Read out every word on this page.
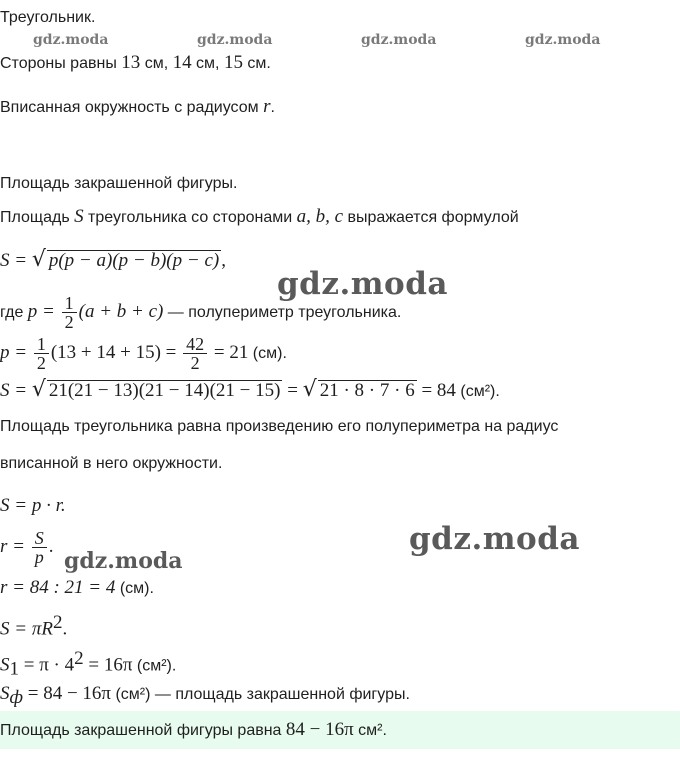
gdz.moda	gdz.moda	gdz.moda	gdz.moda
Треугольник.
Стороны равны 13 см, 14 см, 15 см.
Вписанная окружность с радиусом r.
Площадь закрашенной фигуры.
Площадь S треугольника со сторонами a, b, c выражается формулой
S = √ p(p − a)(p − b)(p − c) ,
где $p = \frac{1}{2} (a + b + c)$ — полупериметр треугольника.
$p = \frac{1}{2} (13 + 14 + 15) = \frac{42}{2} = 21$ (см).
S = √ 21(21 − 13)(21 − 14)(21 − 15) = √ 21 · 8 · 7 · 6 = 84 (см²).
Площадь треугольника равна произведению его полупериметра на радиус
вписанной в него окружности.
S = p · r.
$r = \frac{S}{p}$ .
r = 84 : 21 = 4 (см).
$S = \pi R^2$.
$S_1 = \pi \cdot 4^2 = 16\pi$ (см²).
$S_ф = 84 - 16\pi$ (см²) — площадь закрашенной фигуры.
Площадь закрашенной фигуры равна 84 − 16π см².
gdz.moda
gdz.moda
gdz.moda
